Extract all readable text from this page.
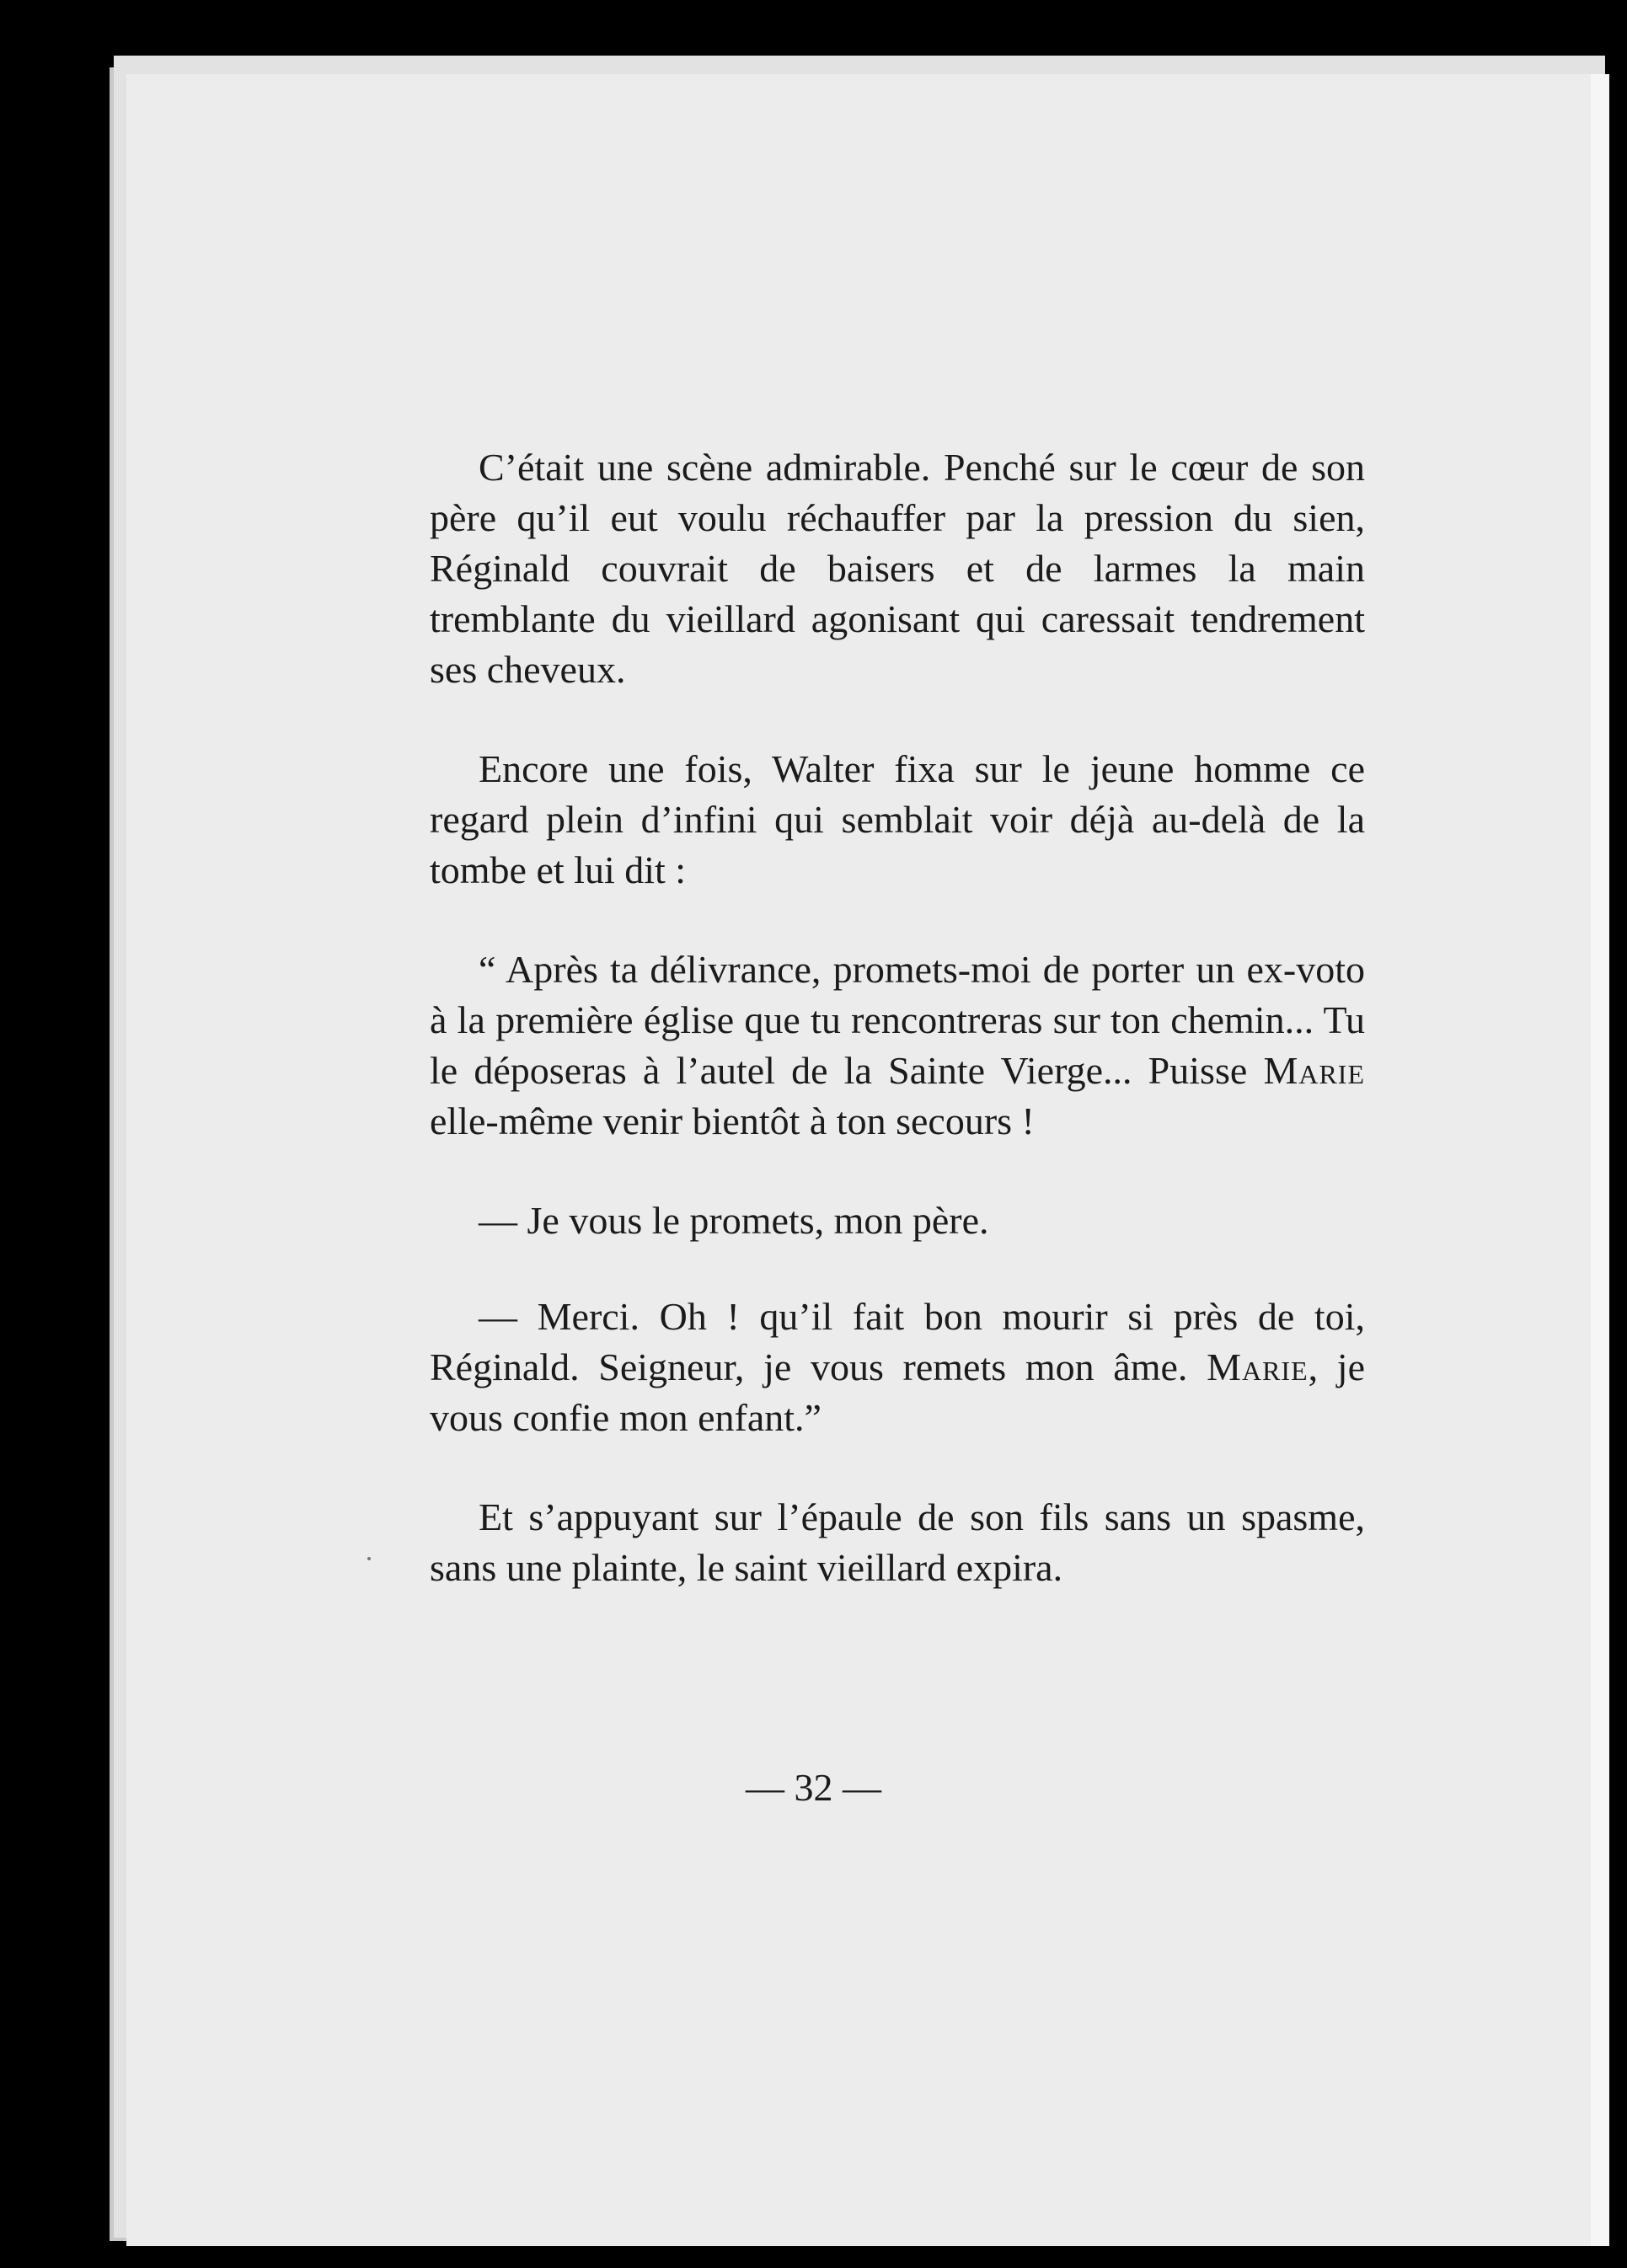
C’était une scène admirable. Penché sur le cœur de son père qu’il eut voulu réchauffer par la pression du sien, Réginald couvrait de baisers et de larmes la main tremblante du vieillard agonisant qui caressait tendrement ses cheveux.

Encore une fois, Walter fixa sur le jeune homme ce regard plein d’infini qui semblait voir déjà au-delà de la tombe et lui dit :

“ Après ta délivrance, promets-moi de porter un ex-voto à la première église que tu rencontreras sur ton chemin... Tu le déposeras à l’autel de la Sainte Vierge... Puisse Marie elle-même venir bientôt à ton secours !

— Je vous le promets, mon père.

— Merci. Oh ! qu’il fait bon mourir si près de toi, Réginald. Seigneur, je vous remets mon âme. Marie, je vous confie mon enfant.”

Et s’appuyant sur l’épaule de son fils sans un spasme, sans une plainte, le saint vieillard expira.

— 32 —
